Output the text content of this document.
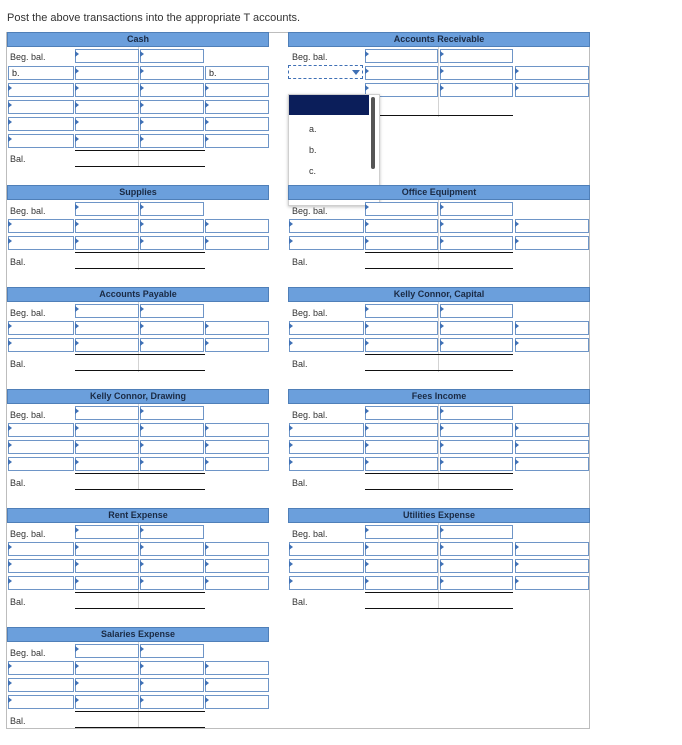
Post the above transactions into the appropriate T accounts.
Cash
Beg. bal.
b.	b.
Bal.
Accounts Receivable
Beg. bal.
a.
b.
c.
Supplies
Beg. bal.
Bal.
Office Equipment
Beg. bal.
Bal.
Accounts Payable
Beg. bal.
Bal.
Kelly Connor, Capital
Beg. bal.
Bal.
Kelly Connor, Drawing
Beg. bal.
Bal.
Fees Income
Beg. bal.
Bal.
Rent Expense
Beg. bal.
Bal.
Utilities Expense
Beg. bal.
Bal.
Salaries Expense
Beg. bal.
Bal.
